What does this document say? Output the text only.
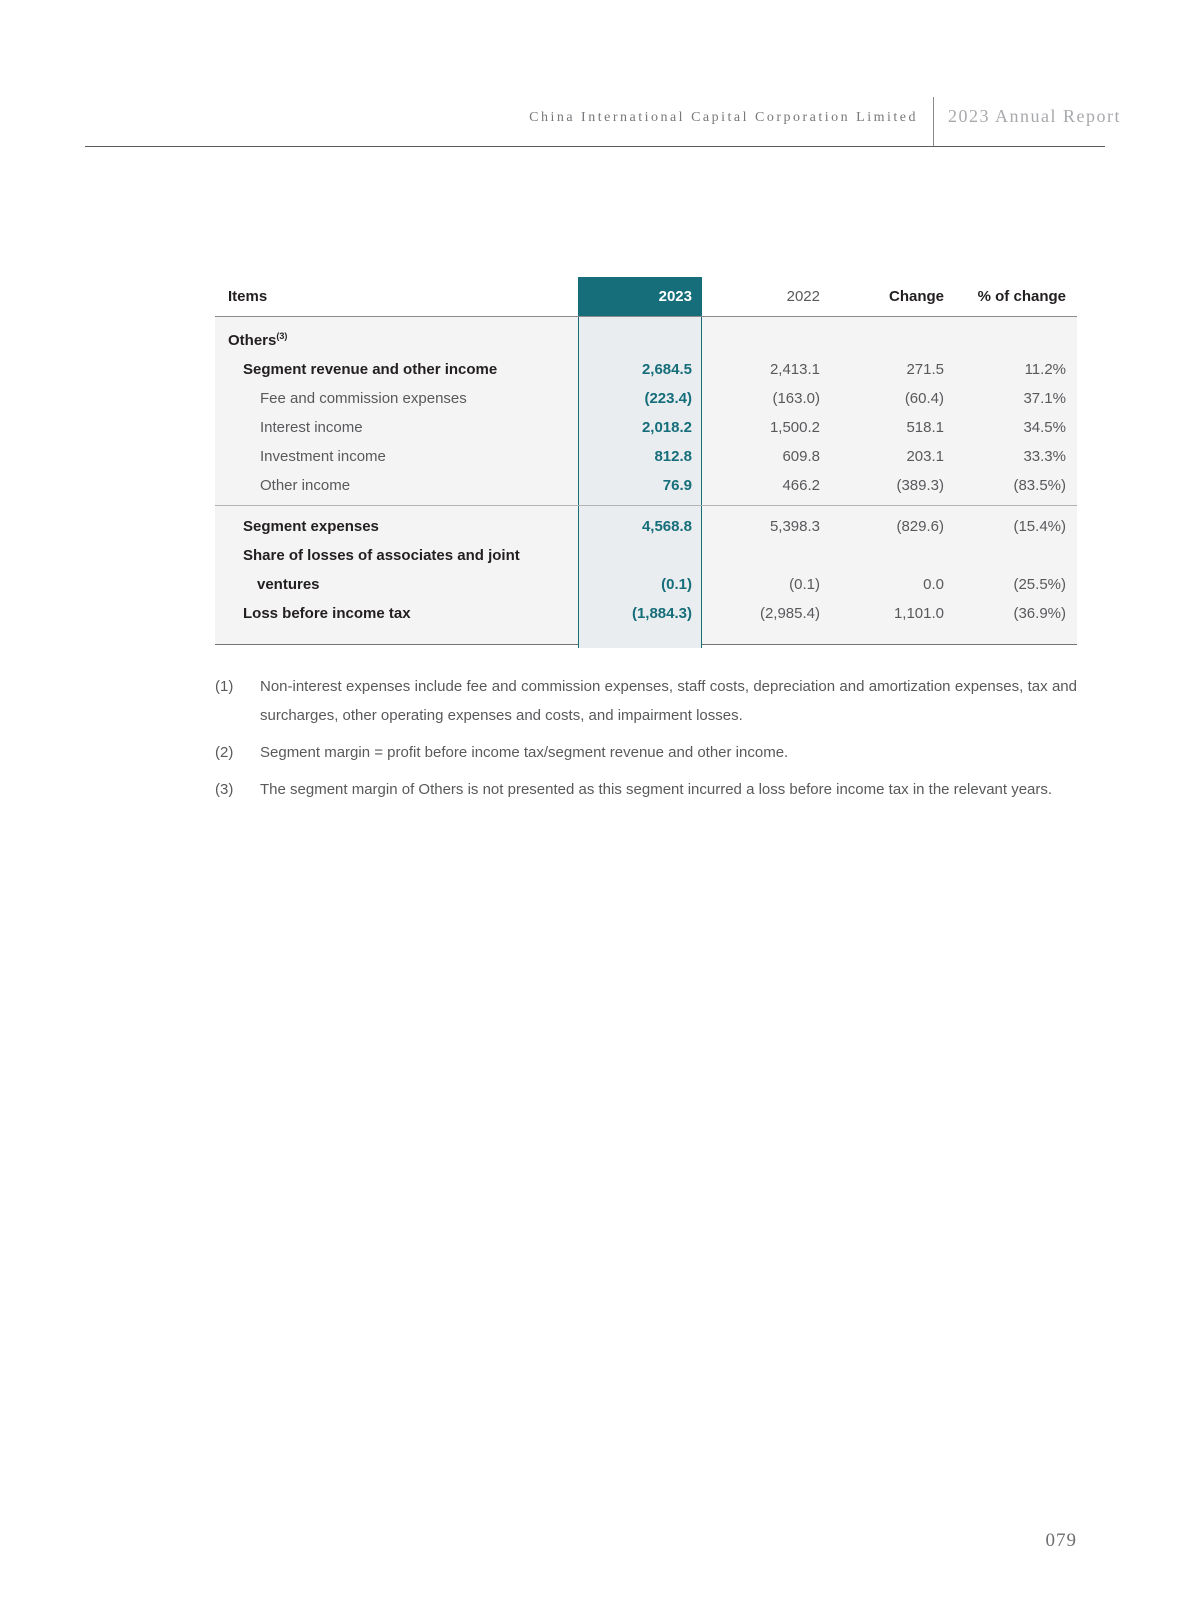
China International Capital Corporation Limited 2023 Annual Report
Items	2023	2022	Change	% of change
Others$^{(3)}$
Segment revenue and other income	2,684.5	2,413.1	271.5	11.2%
Fee and commission expenses	(223.4)	(163.0)	(60.4)	37.1%
Interest income	2,018.2	1,500.2	518.1	34.5%
Investment income	812.8	609.8	203.1	33.3%
Other income	76.9	466.2	(389.3)	(83.5%)
Segment expenses	4,568.8	5,398.3	(829.6)	(15.4%)
Share of losses of associates and joint
ventures	(0.1)	(0.1)	0.0	(25.5%)
Loss before income tax	(1,884.3)	(2,985.4)	1,101.0	(36.9%)
(1)	Non-interest expenses include fee and commission expenses, staff costs, depreciation and amortization expenses, tax and surcharges, other operating expenses and costs, and impairment losses.
(2)	Segment margin = profit before income tax/segment revenue and other income.
(3)	The segment margin of Others is not presented as this segment incurred a loss before income tax in the relevant years.
079
